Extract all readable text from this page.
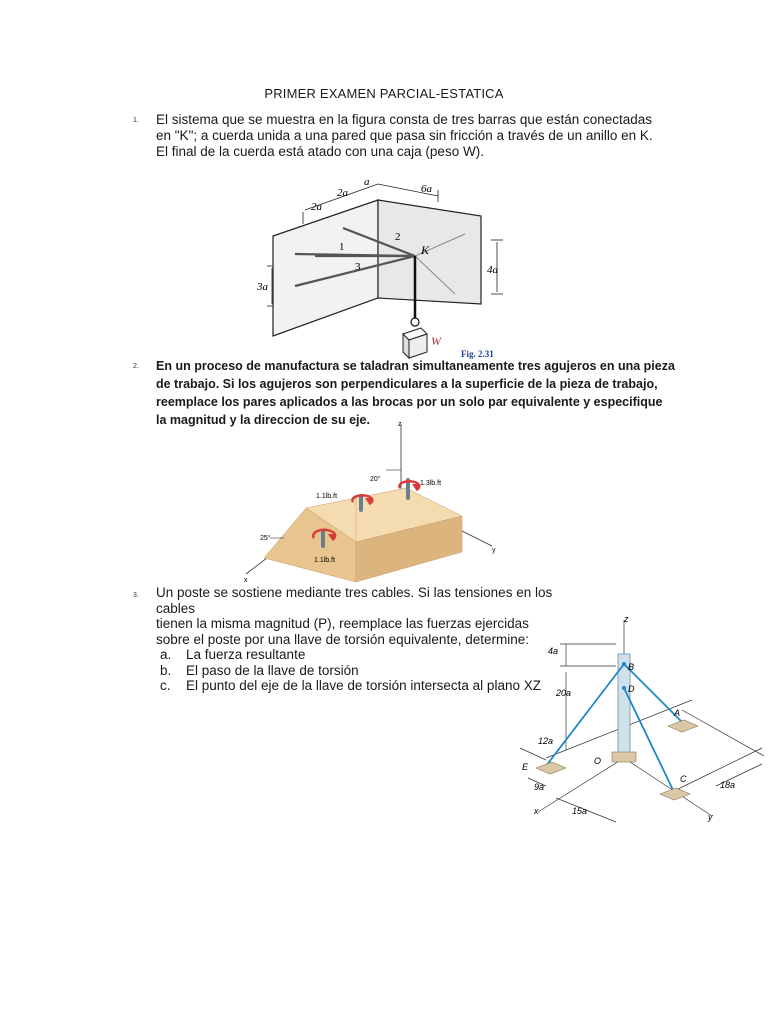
PRIMER EXAMEN PARCIAL-ESTATICA
1. El sistema que se muestra en la figura consta de tres barras que están conectadas en "K"; a cuerda unida a una pared que pasa sin fricción a través de un anillo en K. El final de la cuerda está atado con una caja (peso W).
2a
2a
a
6a
1
2
3
K
3a
4a
W
Fig. 2.31
2. En un proceso de manufactura se taladran simultaneamente tres agujeros en una pieza de trabajo. Si los agujeros son perpendiculares a la superficie de la pieza de trabajo, reemplace los pares aplicados a las brocas por un solo par equivalente y especifique la magnitud y la direccion de su eje.	z
20°
1.3lb.ft
1.1lb.ft
25°
1.1lb.ft
y
x
3. Un poste se sostiene mediante tres cables. Si las tensiones en los cables
tienen la misma magnitud (P), reemplace las fuerzas ejercidas
sobre el poste por una llave de torsión equivalente, determine:
a.	La fuerza resultante
b.	El paso de la llave de torsión
c.	El punto del eje de la llave de torsión intersecta al plano XZ
z
4a
B
D
20a
A
12a
E
O
C
9a	18a
15a
x
y
